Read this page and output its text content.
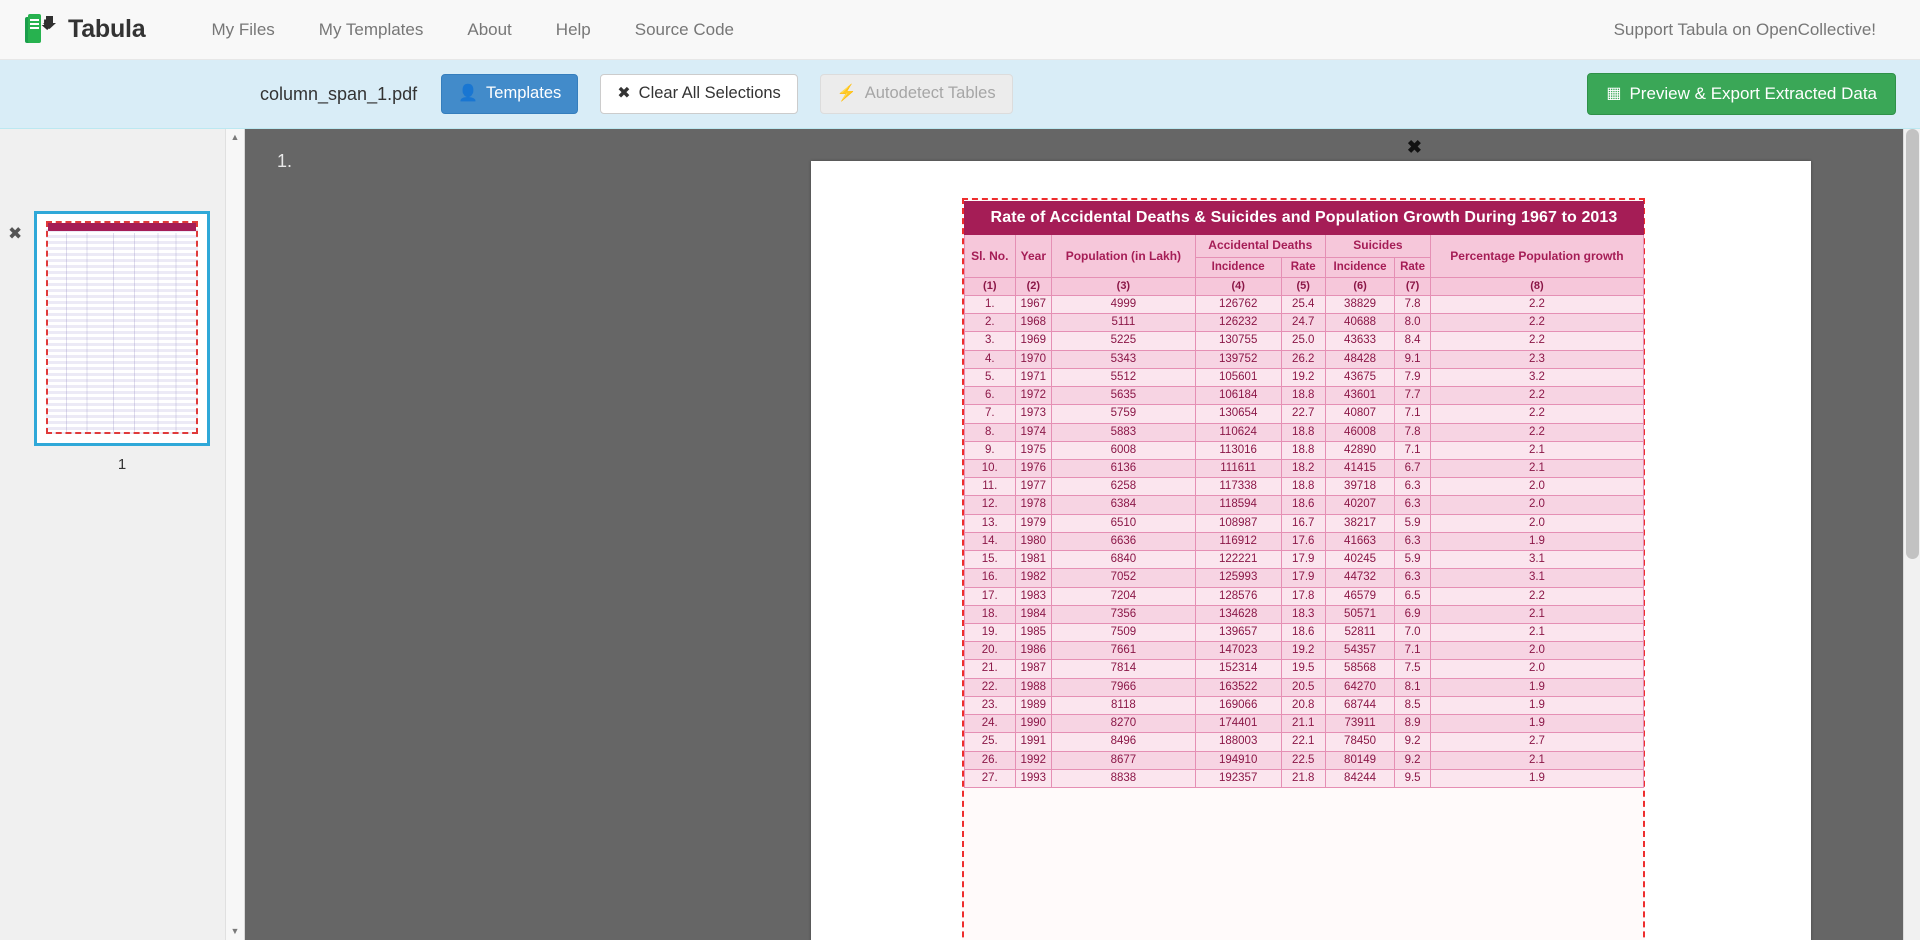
Tabula	My Files	My Templates	About	Help	Source Code	Support Tabula on OpenCollective!
column_span_1.pdf	👤 Templates	✖ Clear All Selections	⚡ Autodetect Tables	▦ Preview & Export Extracted Data
✖
1
▲
▼
1.
✖
Rate of Accidental Deaths & Suicides and Population Growth During 1967 to 2013							
Sl. No.	Year	Population (in Lakh)	Accidental Deaths		Suicides		Percentage Population growth
			Incidence	Rate	Incidence	Rate	
(1)	(2)	(3)	(4)	(5)	(6)	(7)	(8)
1.	1967	4999	126762	25.4	38829	7.8	2.2
2.	1968	5111	126232	24.7	40688	8.0	2.2
3.	1969	5225	130755	25.0	43633	8.4	2.2
4.	1970	5343	139752	26.2	48428	9.1	2.3
5.	1971	5512	105601	19.2	43675	7.9	3.2
6.	1972	5635	106184	18.8	43601	7.7	2.2
7.	1973	5759	130654	22.7	40807	7.1	2.2
8.	1974	5883	110624	18.8	46008	7.8	2.2
9.	1975	6008	113016	18.8	42890	7.1	2.1
10.	1976	6136	111611	18.2	41415	6.7	2.1
11.	1977	6258	117338	18.8	39718	6.3	2.0
12.	1978	6384	118594	18.6	40207	6.3	2.0
13.	1979	6510	108987	16.7	38217	5.9	2.0
14.	1980	6636	116912	17.6	41663	6.3	1.9
15.	1981	6840	122221	17.9	40245	5.9	3.1
16.	1982	7052	125993	17.9	44732	6.3	3.1
17.	1983	7204	128576	17.8	46579	6.5	2.2
18.	1984	7356	134628	18.3	50571	6.9	2.1
19.	1985	7509	139657	18.6	52811	7.0	2.1
20.	1986	7661	147023	19.2	54357	7.1	2.0
21.	1987	7814	152314	19.5	58568	7.5	2.0
22.	1988	7966	163522	20.5	64270	8.1	1.9
23.	1989	8118	169066	20.8	68744	8.5	1.9
24.	1990	8270	174401	21.1	73911	8.9	1.9
25.	1991	8496	188003	22.1	78450	9.2	2.7
26.	1992	8677	194910	22.5	80149	9.2	2.1
27.	1993	8838	192357	21.8	84244	9.5	1.9
